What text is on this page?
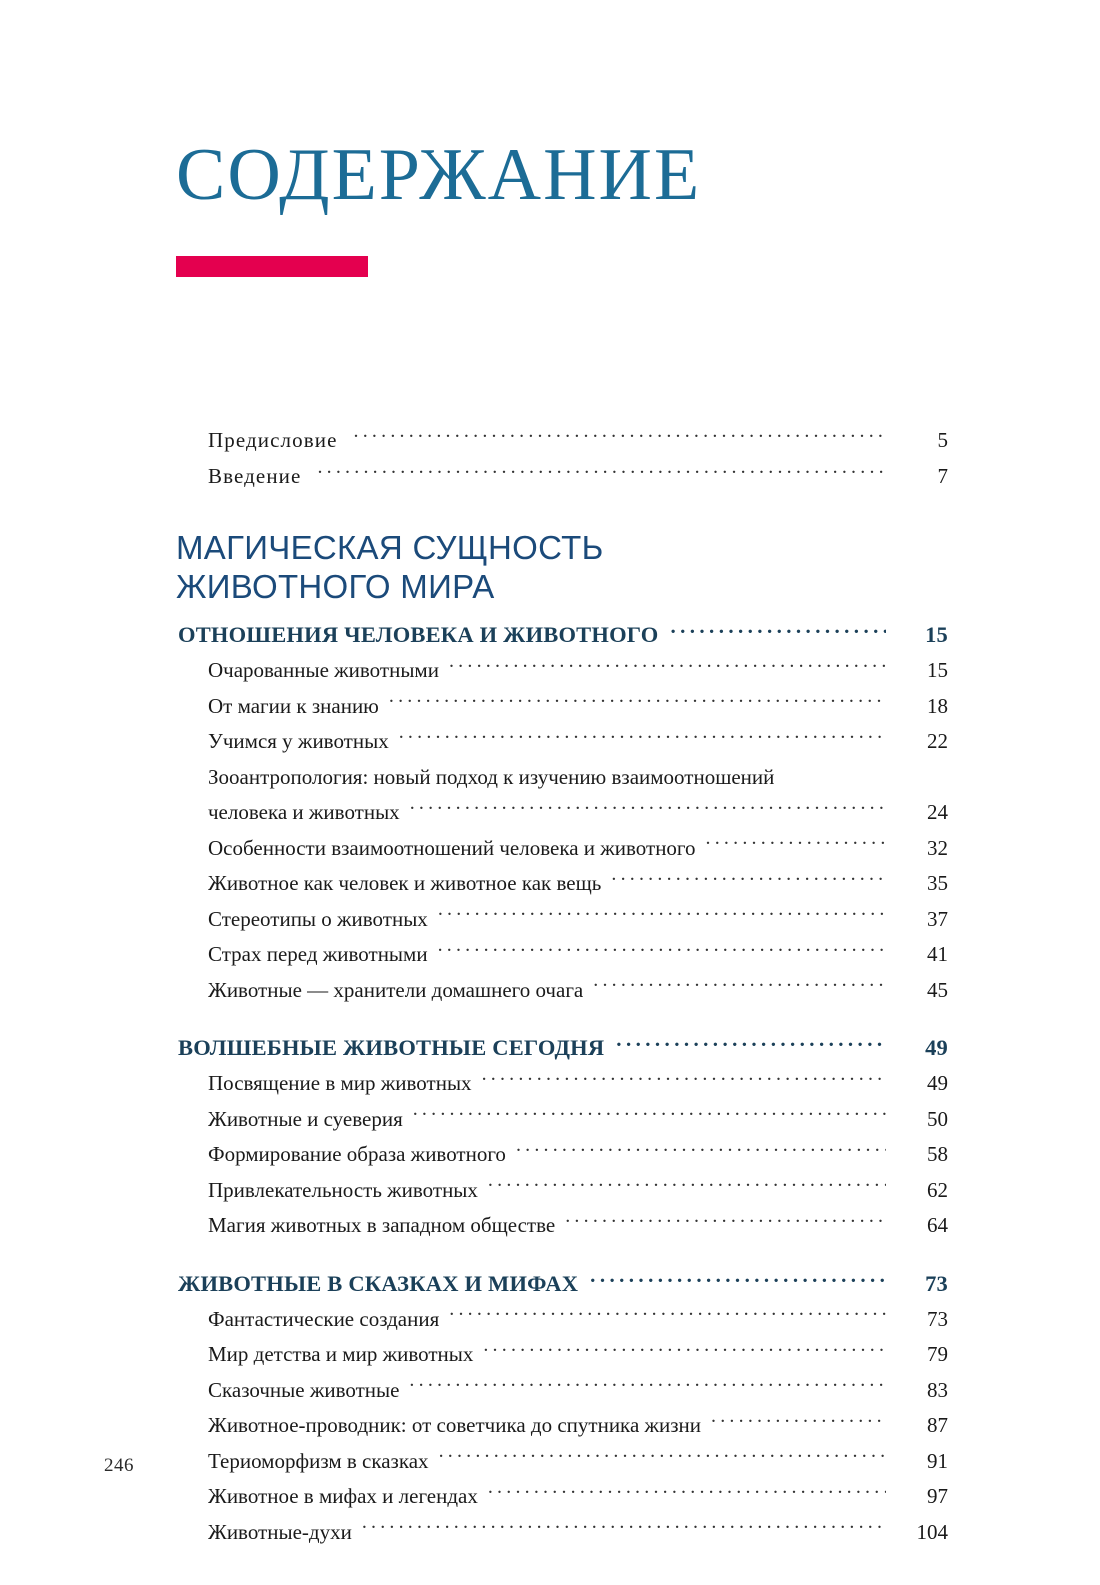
СОДЕРЖАНИЕ
Предисловие .....	5
Введение .....	7
МАГИЧЕСКАЯ СУЩНОСТЬ
ЖИВОТНОГО МИРА
ОТНОШЕНИЯ ЧЕЛОВЕКА И ЖИВОТНОГО .....	15
Очарованные животными .....	15
От магии к знанию .....	18
Учимся у животных .....	22
Зооантропология: новый подход к изучению взаимоотношений
человека и животных .....	24
Особенности взаимоотношений человека и животного .....	32
Животное как человек и животное как вещь .....	35
Стереотипы о животных .....	37
Страх перед животными .....	41
Животные — хранители домашнего очага .....	45
ВОЛШЕБНЫЕ ЖИВОТНЫЕ СЕГОДНЯ .....	49
Посвящение в мир животных .....	49
Животные и суеверия .....	50
Формирование образа животного .....	58
Привлекательность животных .....	62
Магия животных в западном обществе .....	64
ЖИВОТНЫЕ В СКАЗКАХ И МИФАХ .....	73
Фантастические создания .....	73
Мир детства и мир животных .....	79
Сказочные животные .....	83
Животное-проводник: от советчика до спутника жизни .....	87
Териоморфизм в сказках .....	91
Животное в мифах и легендах .....	97
Животные-духи .....	104
246
